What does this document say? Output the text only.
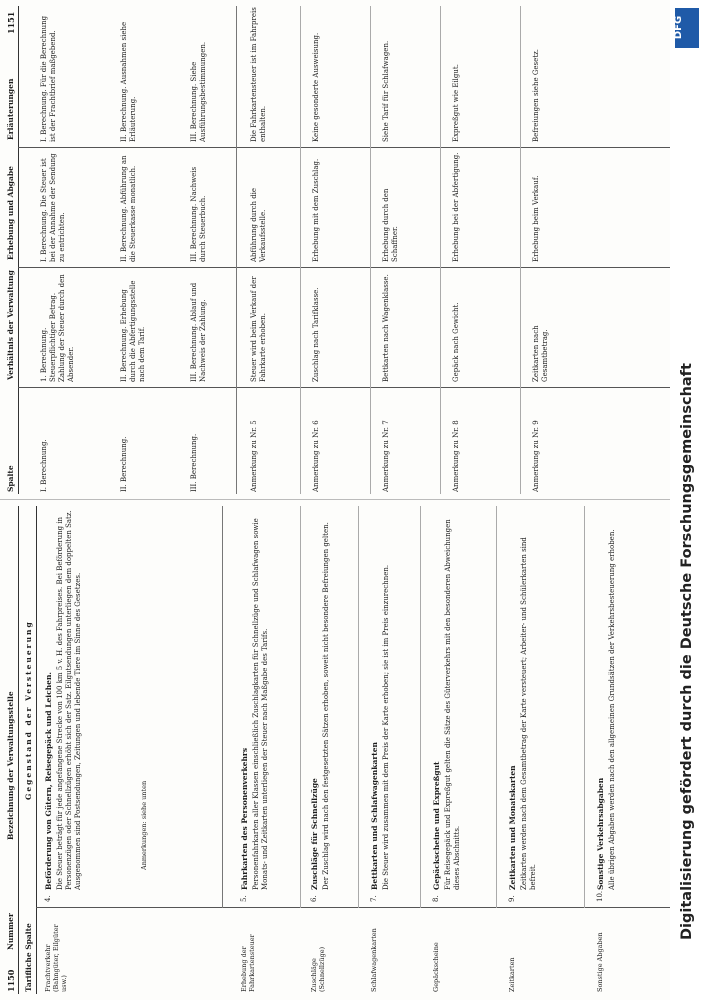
1150
Nummer
Bezeichnung der Verwaltungsstelle
Tarifliche Spalte
Gegenstand der Versteuerung
Frachtverkehr (Bahngüter, Eilgüter usw.)
4.
Beförderung von Gütern, Reisegepäck und Leichen. Die Steuer beträgt für jede angefangene Strecke von 100 km 5 v. H. des Fahrpreises. Bei Beförderung in Personenzügen oder Schnellzügen erhöht sich der Satz. Eilgutsendungen unterliegen dem doppelten Satz. Ausgenommen sind Postsendungen, Zeitungen und lebende Tiere im Sinne des Gesetzes.	Anmerkungen: siehe unten
Erhebung der Fahrkartensteuer
5.
Fahrkarten des Personenverkehrs Personenfahrkarten aller Klassen einschließlich Zuschlagkarten für Schnellzüge und Schlafwagen sowie Monats- und Zeitkarten unterliegen der Steuer nach Maßgabe des Tarifs.
Zuschläge (Schnellzüge)
6.
Zuschläge für Schnellzüge Der Zuschlag wird nach den festgesetzten Sätzen erhoben, soweit nicht besondere Befreiungen gelten.
Schlafwagenkarten
7.
Bettkarten und Schlafwagenkarten Die Steuer wird zusammen mit dem Preis der Karte erhoben; sie ist im Preis einzurechnen.
Gepäckscheine
8.
Gepäckscheine und Expreßgut Für Reisegepäck und Expreßgut gelten die Sätze des Güterverkehrs mit den besonderen Abweichungen dieses Abschnitts.
Zeitkarten
9.
Zeitkarten und Monatskarten Zeitkarten werden nach dem Gesamtbetrag der Karte versteuert; Arbeiter- und Schülerkarten sind befreit.
Sonstige Abgaben
10.
Sonstige Verkehrsabgaben Alle übrigen Abgaben werden nach den allgemeinen Grundsätzen der Verkehrsbesteuerung erhoben.
1151
Spalte
Verhältnis der Verwaltung
Erhebung und Abgabe
Erläuterungen
I. Berechnung.
1. Berechnung. Steuerpflichtiger Betrag. Zahlung der Steuer durch den Absender.
I. Berechnung. Die Steuer ist bei der Annahme der Sendung zu entrichten.
I. Berechnung. Für die Berechnung ist der Frachtbrief maßgebend.
II. Berechnung.
II. Berechnung. Erhebung durch die Abfertigungsstelle nach dem Tarif.
II. Berechnung. Abführung an die Steuerkasse monatlich.
II. Berechnung. Ausnahmen siehe Erläuterung.
III. Berechnung.
III. Berechnung. Ablauf und Nachweis der Zahlung.
III. Berechnung. Nachweis durch Steuerbuch.
III. Berechnung. Siehe Ausführungsbestimmungen.
Anmerkung zu Nr. 5
Steuer wird beim Verkauf der Fahrkarte erhoben.
Abführung durch die Verkaufsstelle.
Die Fahrkartensteuer ist im Fahrpreis enthalten.
Anmerkung zu Nr. 6
Zuschlag nach Tarifklasse.
Erhebung mit dem Zuschlag.
Keine gesonderte Ausweisung.
Anmerkung zu Nr. 7
Bettkarten nach Wagenklasse.
Erhebung durch den Schaffner.
Siehe Tarif für Schlafwagen.
Anmerkung zu Nr. 8
Gepäck nach Gewicht.
Erhebung bei der Abfertigung.
Expreßgut wie Eilgut.
Anmerkung zu Nr. 9
Zeitkarten nach Gesamtbetrag.
Erhebung beim Verkauf.
Befreiungen siehe Gesetz.
Digitalisierung gefördert durch die Deutsche Forschungsgemeinschaft
DFG
